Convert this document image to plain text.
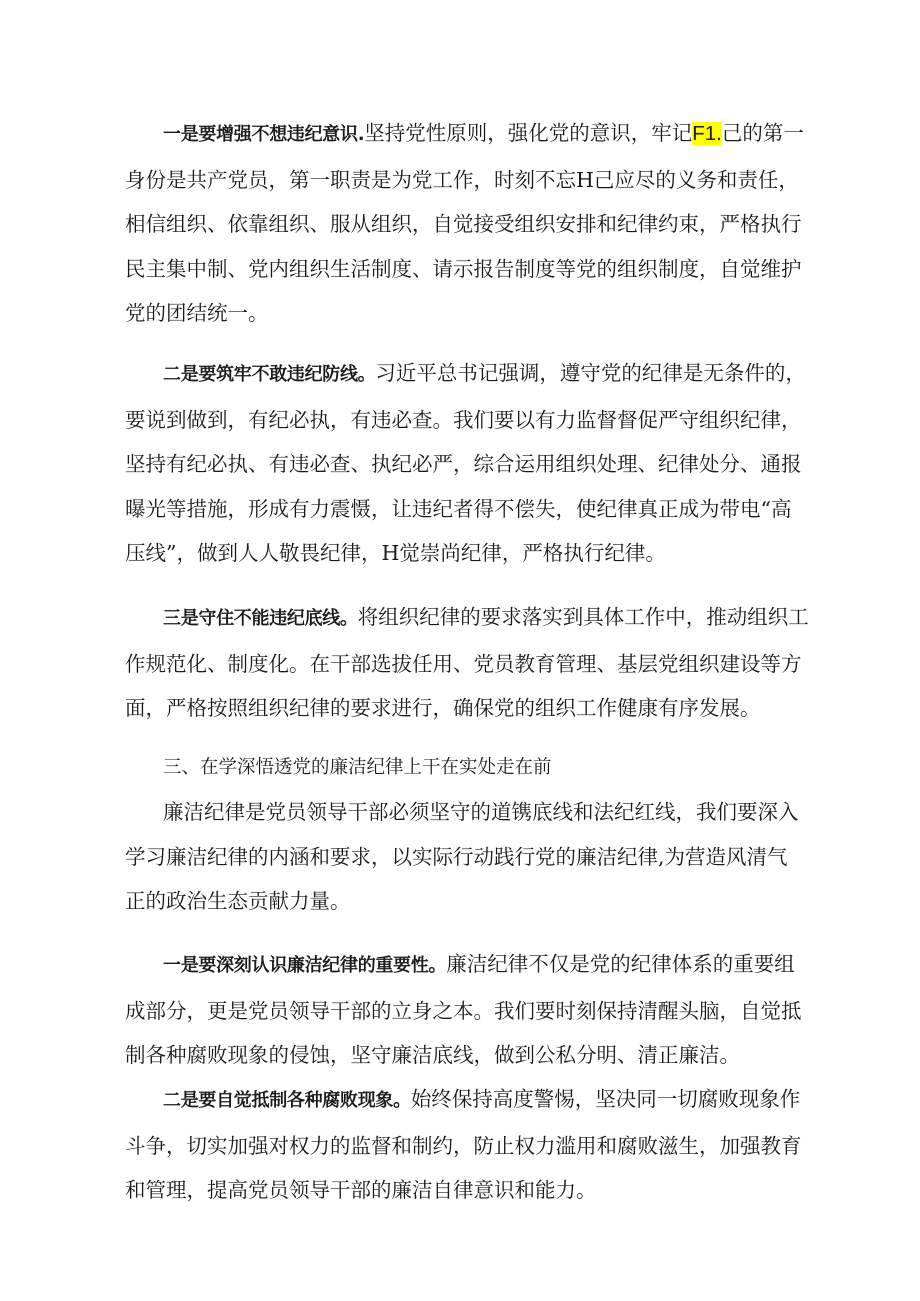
一是要增强不想违纪意识.坚持党性原则，强化党的意识，牢记F1.己的第一
身份是共产党员，第一职责是为党工作，时刻不忘H己应尽的义务和责任，
相信组织、依靠组织、服从组织，自觉接受组织安排和纪律约束，严格执行
民主集中制、党内组织生活制度、请示报告制度等党的组织制度，自觉维护
党的团结统一。
二是要筑牢不敢违纪防线。习近平总书记强调，遵守党的纪律是无条件的，
要说到做到，有纪必执，有违必查。我们要以有力监督督促严守组织纪律，
坚持有纪必执、有违必查、执纪必严，综合运用组织处理、纪律处分、通报
曝光等措施，形成有力震慑，让违纪者得不偿失，使纪律真正成为带电“高
压线”，做到人人敬畏纪律，H觉崇尚纪律，严格执行纪律。
三是守住不能违纪底线。将组织纪律的要求落实到具体工作中，推动组织工
作规范化、制度化。在干部选拔任用、党员教育管理、基层党组织建设等方
面，严格按照组织纪律的要求进行，确保党的组织工作健康有序发展。
三、在学深悟透党的廉洁纪律上干在实处走在前
廉洁纪律是党员领导干部必须坚守的道镌底线和法纪红线，我们要深入
学习廉洁纪律的内涵和要求，以实际行动践行党的廉洁纪律,为营造风清气
正的政治生态贡献力量。
一是要深刻认识廉洁纪律的重要性。廉洁纪律不仅是党的纪律体系的重要组
成部分，更是党员领导干部的立身之本。我们要时刻保持清醒头脑，自觉抵
制各种腐败现象的侵蚀，坚守廉洁底线，做到公私分明、清正廉洁。
二是要自觉抵制各种腐败现象。始终保持高度警惕，坚决同一切腐败现象作
斗争，切实加强对权力的监督和制约，防止权力滥用和腐败滋生，加强教育
和管理，提高党员领导干部的廉洁自律意识和能力。
